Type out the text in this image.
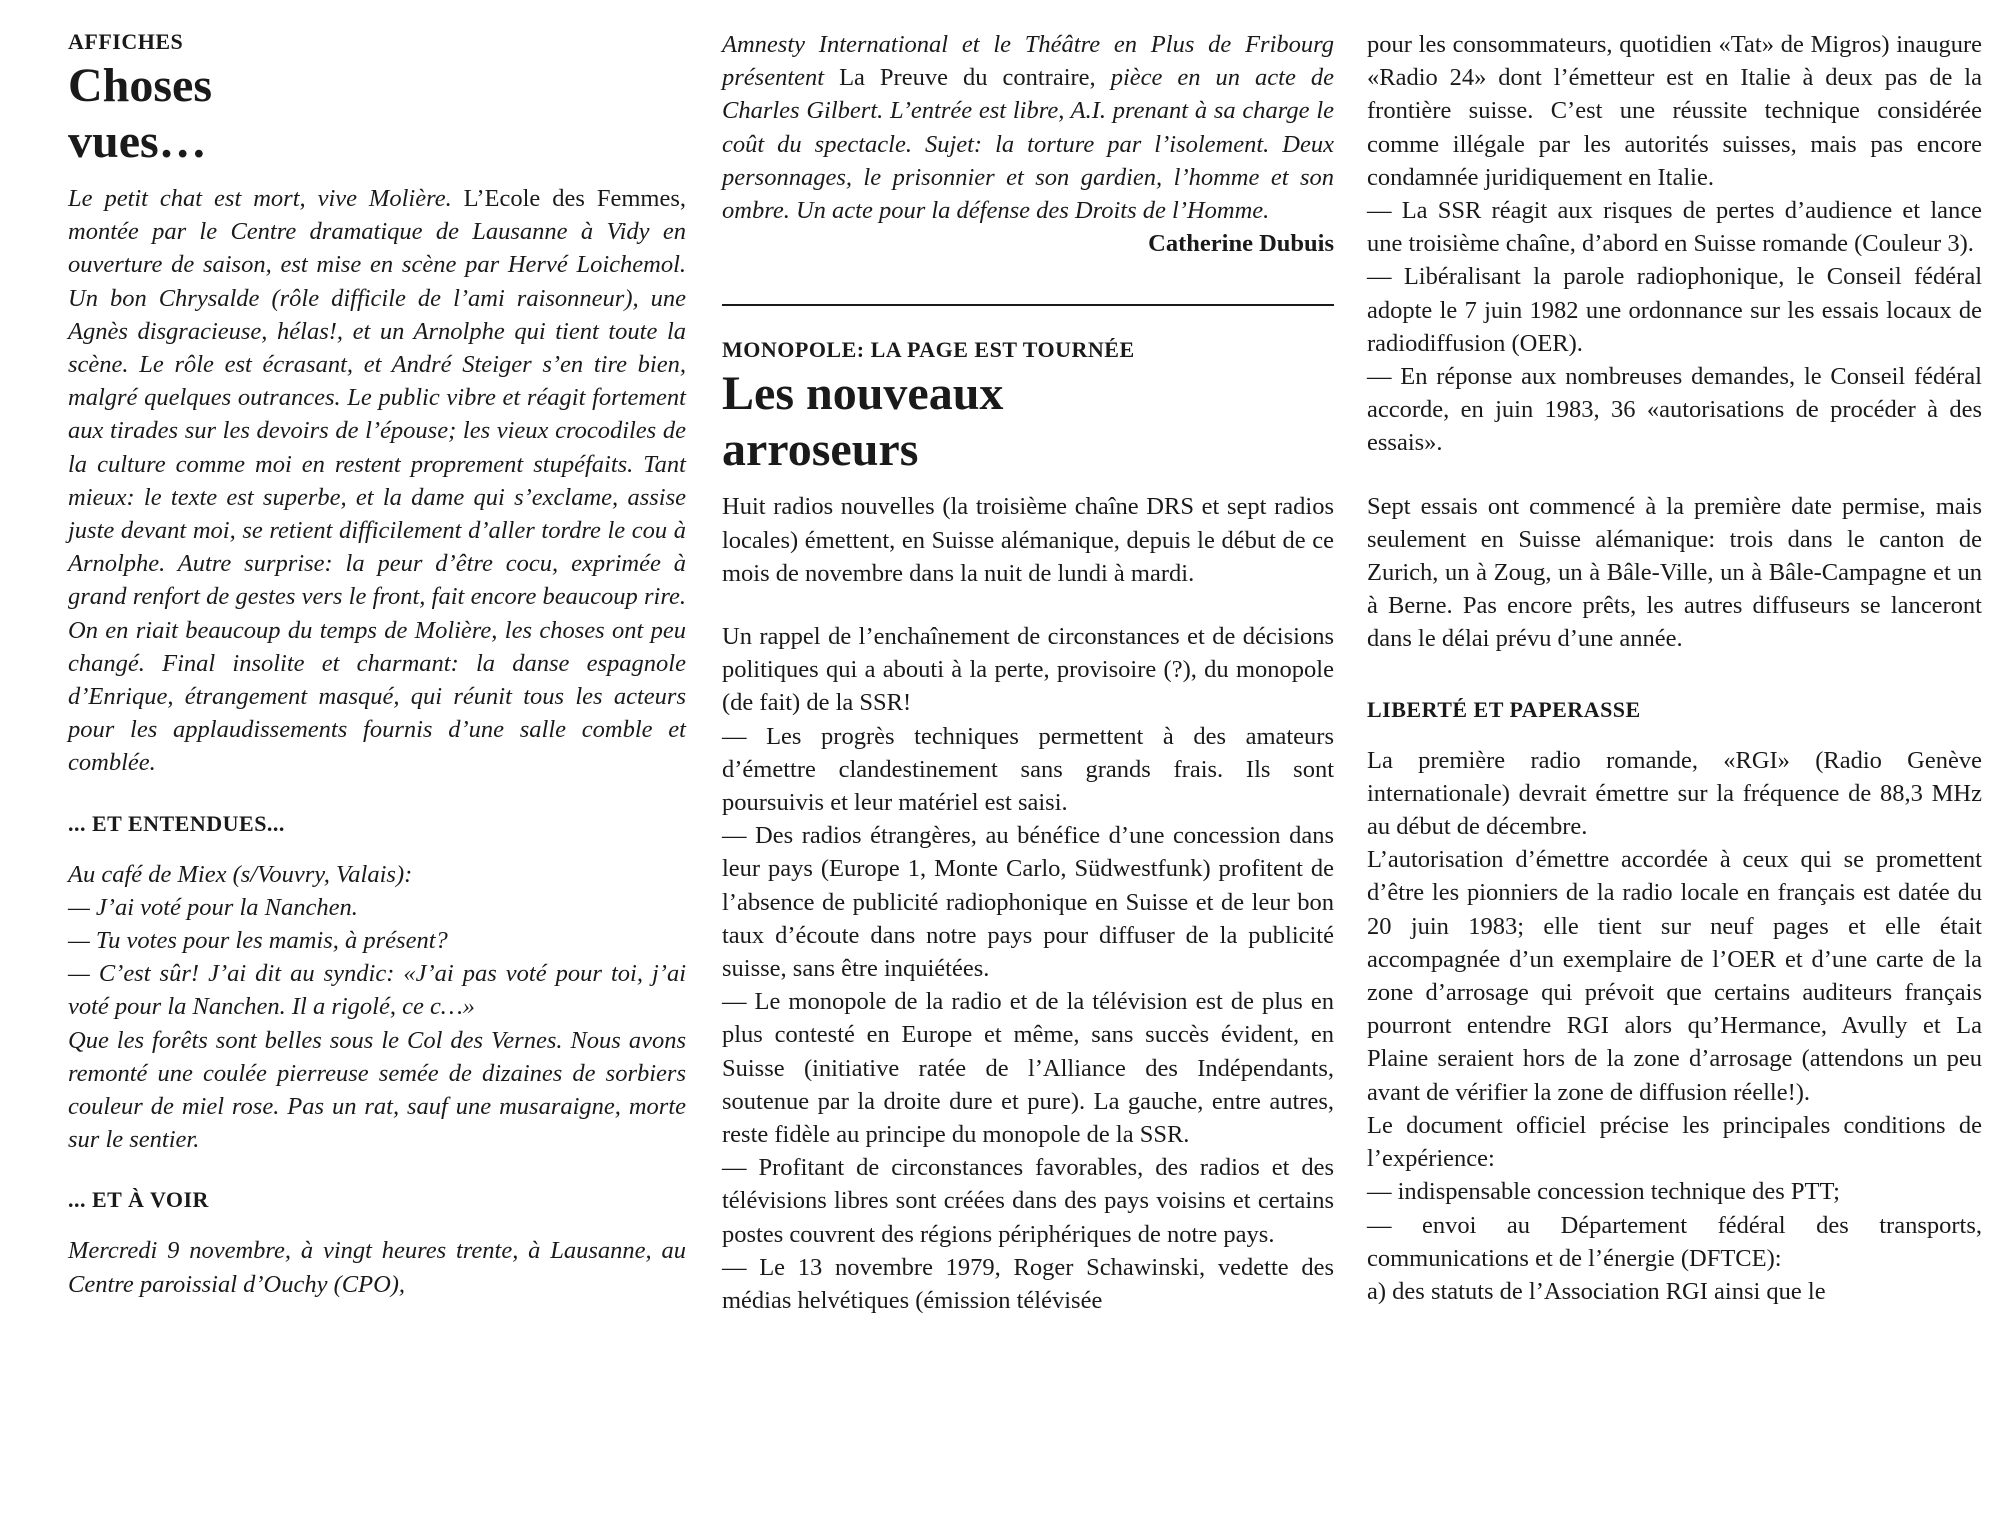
AFFICHES

Choses
vues…

Le petit chat est mort, vive Molière. L’Ecole des Femmes, montée par le Centre dramatique de Lausanne à Vidy en ouverture de saison, est mise en scène par Hervé Loichemol. Un bon Chrysalde (rôle difficile de l’ami raisonneur), une Agnès disgracieuse, hélas!, et un Arnolphe qui tient toute la scène. Le rôle est écrasant, et André Steiger s’en tire bien, malgré quelques outrances. Le public vibre et réagit fortement aux tirades sur les devoirs de l’épouse; les vieux crocodiles de la culture comme moi en restent proprement stupéfaits. Tant mieux: le texte est superbe, et la dame qui s’exclame, assise juste devant moi, se retient difficilement d’aller tordre le cou à Arnolphe. Autre surprise: la peur d’être cocu, exprimée à grand renfort de gestes vers le front, fait encore beaucoup rire. On en riait beaucoup du temps de Molière, les choses ont peu changé. Final insolite et charmant: la danse espagnole d’Enrique, étrangement masqué, qui réunit tous les acteurs pour les applaudissements fournis d’une salle comble et comblée.

... ET ENTENDUES...

Au café de Miex (s/Vouvry, Valais):

— J’ai voté pour la Nanchen.

— Tu votes pour les mamis, à présent?

— C’est sûr! J’ai dit au syndic: «J’ai pas voté pour toi, j’ai voté pour la Nanchen. Il a rigolé, ce c…»

Que les forêts sont belles sous le Col des Vernes. Nous avons remonté une coulée pierreuse semée de dizaines de sorbiers couleur de miel rose. Pas un rat, sauf une musaraigne, morte sur le sentier.

... ET À VOIR

Mercredi 9 novembre, à vingt heures trente, à Lausanne, au Centre paroissial d’Ouchy (CPO),

Amnesty International et le Théâtre en Plus de Fribourg présentent La Preuve du contraire, pièce en un acte de Charles Gilbert. L’entrée est libre, A.I. prenant à sa charge le coût du spectacle. Sujet: la torture par l’isolement. Deux personnages, le prisonnier et son gardien, l’homme et son ombre. Un acte pour la défense des Droits de l’Homme.

Catherine Dubuis

MONOPOLE: LA PAGE EST TOURNÉE

Les nouveaux
arroseurs

Huit radios nouvelles (la troisième chaîne DRS et sept radios locales) émettent, en Suisse alémanique, depuis le début de ce mois de novembre dans la nuit de lundi à mardi.

Un rappel de l’enchaînement de circonstances et de décisions politiques qui a abouti à la perte, provisoire (?), du monopole (de fait) de la SSR!

— Les progrès techniques permettent à des amateurs d’émettre clandestinement sans grands frais. Ils sont poursuivis et leur matériel est saisi.

— Des radios étrangères, au bénéfice d’une concession dans leur pays (Europe 1, Monte Carlo, Südwestfunk) profitent de l’absence de publicité radiophonique en Suisse et de leur bon taux d’écoute dans notre pays pour diffuser de la publicité suisse, sans être inquiétées.

— Le monopole de la radio et de la télévision est de plus en plus contesté en Europe et même, sans succès évident, en Suisse (initiative ratée de l’Alliance des Indépendants, soutenue par la droite dure et pure). La gauche, entre autres, reste fidèle au principe du monopole de la SSR.

— Profitant de circonstances favorables, des radios et des télévisions libres sont créées dans des pays voisins et certains postes couvrent des régions périphériques de notre pays.

— Le 13 novembre 1979, Roger Schawinski, vedette des médias helvétiques (émission télévisée

pour les consommateurs, quotidien «Tat» de Migros) inaugure «Radio 24» dont l’émetteur est en Italie à deux pas de la frontière suisse. C’est une réussite technique considérée comme illégale par les autorités suisses, mais pas encore condamnée juridiquement en Italie.

— La SSR réagit aux risques de pertes d’audience et lance une troisième chaîne, d’abord en Suisse romande (Couleur 3).

— Libéralisant la parole radiophonique, le Conseil fédéral adopte le 7 juin 1982 une ordonnance sur les essais locaux de radiodiffusion (OER).

— En réponse aux nombreuses demandes, le Conseil fédéral accorde, en juin 1983, 36 «autorisations de procéder à des essais».

Sept essais ont commencé à la première date permise, mais seulement en Suisse alémanique: trois dans le canton de Zurich, un à Zoug, un à Bâle-Ville, un à Bâle-Campagne et un à Berne. Pas encore prêts, les autres diffuseurs se lanceront dans le délai prévu d’une année.

LIBERTÉ ET PAPERASSE

La première radio romande, «RGI» (Radio Genève internationale) devrait émettre sur la fréquence de 88,3 MHz au début de décembre.

L’autorisation d’émettre accordée à ceux qui se promettent d’être les pionniers de la radio locale en français est datée du 20 juin 1983; elle tient sur neuf pages et elle était accompagnée d’un exemplaire de l’OER et d’une carte de la zone d’arrosage qui prévoit que certains auditeurs français pourront entendre RGI alors qu’Hermance, Avully et La Plaine seraient hors de la zone d’arrosage (attendons un peu avant de vérifier la zone de diffusion réelle!).

Le document officiel précise les principales conditions de l’expérience:

— indispensable concession technique des PTT;

— envoi au Département fédéral des transports, communications et de l’énergie (DFTCE):

a) des statuts de l’Association RGI ainsi que le
